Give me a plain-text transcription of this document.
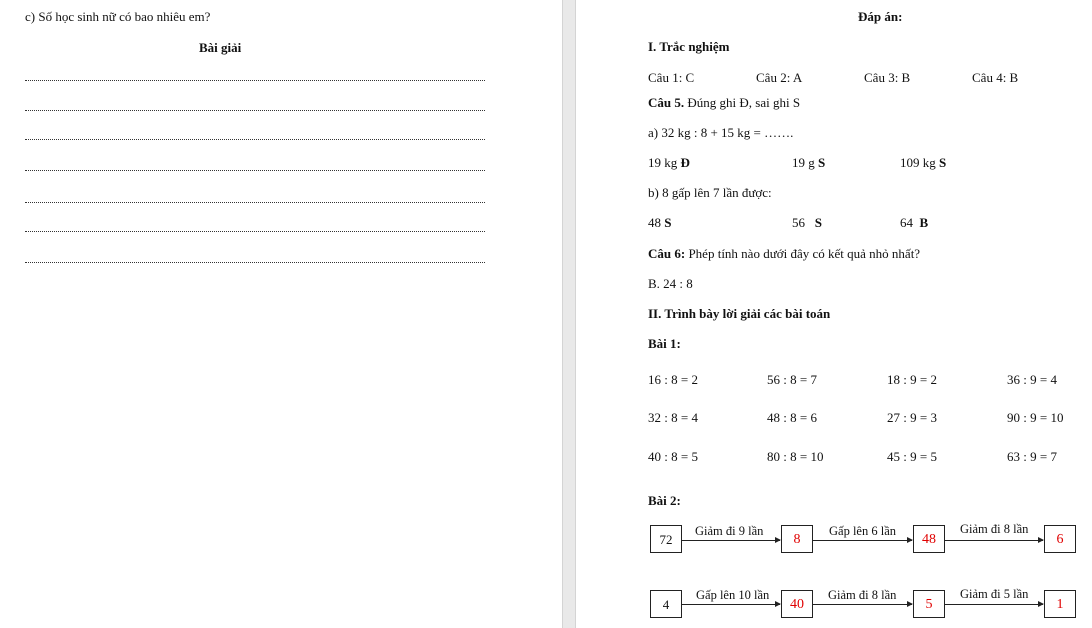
c) Số học sinh nữ có bao nhiêu em?
Bài giải
Đáp án:
I. Trắc nghiệm
Câu 1: C	Câu 2: A	Câu 3: B	Câu 4: B
Câu 5. Đúng ghi Đ, sai ghi S
a) 32 kg : 8 + 15 kg = …….
19 kg Đ	19 g S	109 kg S
b) 8 gấp lên 7 lần được:
48 S	56 S	64 B
Câu 6: Phép tính nào dưới đây có kết quả nhỏ nhất?
B. 24 : 8
II. Trình bày lời giải các bài toán
Bài 1:
16 : 8 = 2	56 : 8 = 7	18 : 9 = 2	36 : 9 = 4
32 : 8 = 4	48 : 8 = 6	27 : 9 = 3	90 : 9 = 10
40 : 8 = 5	80 : 8 = 10	45 : 9 = 5	63 : 9 = 7
Bài 2:
72
Giảm đi 9 lần
8
Gấp lên 6 lần
48
Giảm đi 8 lần
6
4
Gấp lên 10 lần
40
Giảm đi 8 lần
5
Giảm đi 5 lần
1
